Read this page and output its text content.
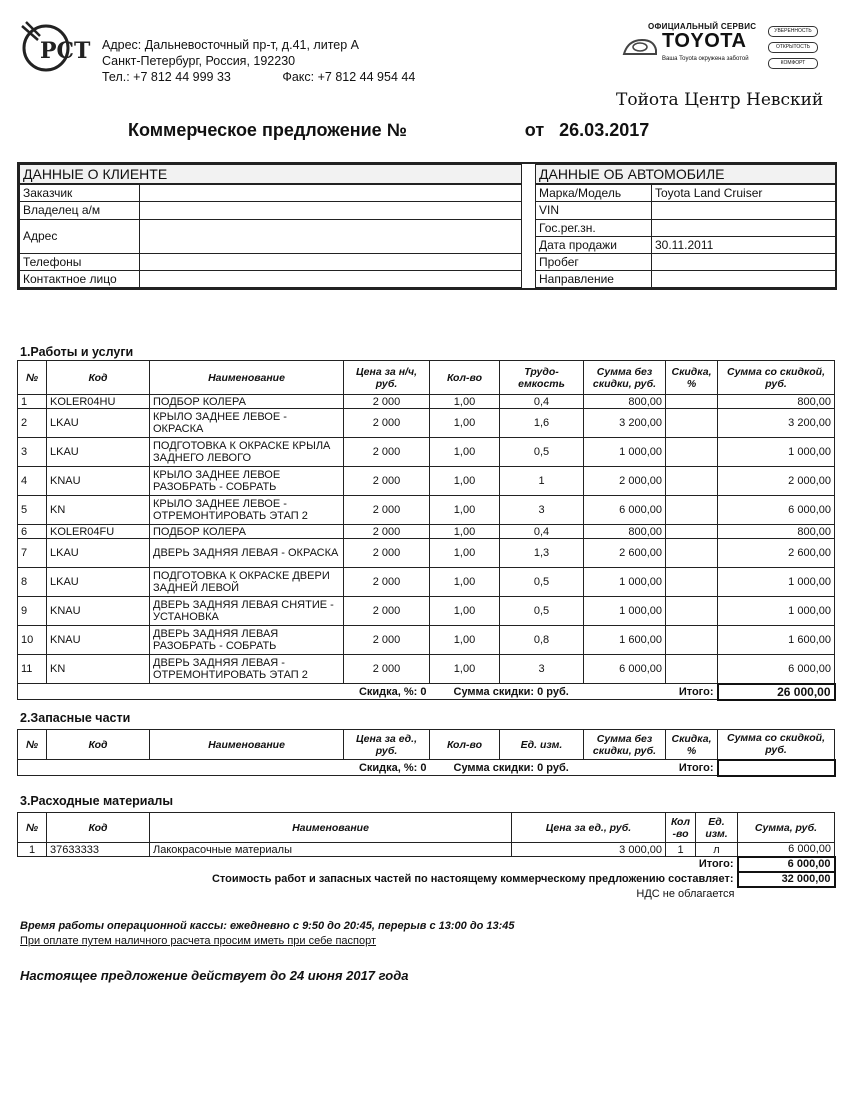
РСТ Адрес: Дальневосточный пр-т, д.41, литер А
Санкт-Петербург, Россия, 192230
Тел.: +7 812 44 999 33	Факс: +7 812 44 954 44
ОФИЦИАЛЬНЫЙ СЕРВИС
TOYOTA
Ваша Toyota окружена заботой
УВЕРЕННОСТЬ
ОТКРЫТОСТЬ
КОМФОРТ
Тойота Центр Невский
Коммерческое предложение №	от 26.03.2017
ДАННЫЕ О КЛИЕНТЕ			ДАННЫЕ ОБ АВТОМОБИЛЕ	
Заказчик			Марка/Модель	Toyota Land Cruiser
Владелец а/м			VIN	
Адрес			Гос.рег.зн.	
			Дата продажи	30.11.2011
Телефоны			Пробег	
Контактное лицо			Направление	
1.Работы и услуги
№	Код	Наименование	Цена за н/ч, руб.	Кол-во	Трудо-емкость	Сумма без скидки, руб.	Скидка, %	Сумма со скидкой, руб.
1	KOLER04HU	ПОДБОР КОЛЕРА	2 000	1,00	0,4	800,00		800,00
2	LKAU	КРЫЛО ЗАДНЕЕ ЛЕВОЕ - ОКРАСКА	2 000	1,00	1,6	3 200,00		3 200,00
3	LKAU	ПОДГОТОВКА К ОКРАСКЕ КРЫЛА ЗАДНЕГО ЛЕВОГО	2 000	1,00	0,5	1 000,00		1 000,00
4	KNAU	КРЫЛО ЗАДНЕЕ ЛЕВОЕ РАЗОБРАТЬ - СОБРАТЬ	2 000	1,00	1	2 000,00		2 000,00
5	KN	КРЫЛО ЗАДНЕЕ ЛЕВОЕ - ОТРЕМОНТИРОВАТЬ ЭТАП 2	2 000	1,00	3	6 000,00		6 000,00
6	KOLER04FU	ПОДБОР КОЛЕРА	2 000	1,00	0,4	800,00		800,00
7	LKAU	ДВЕРЬ ЗАДНЯЯ ЛЕВАЯ - ОКРАСКА	2 000	1,00	1,3	2 600,00		2 600,00
8	LKAU	ПОДГОТОВКА К ОКРАСКЕ ДВЕРИ ЗАДНЕЙ ЛЕВОЙ	2 000	1,00	0,5	1 000,00		1 000,00
9	KNAU	ДВЕРЬ ЗАДНЯЯ ЛЕВАЯ СНЯТИЕ - УСТАНОВКА	2 000	1,00	0,5	1 000,00		1 000,00
10	KNAU	ДВЕРЬ ЗАДНЯЯ ЛЕВАЯ РАЗОБРАТЬ - СОБРАТЬ	2 000	1,00	0,8	1 600,00		1 600,00
11	KN	ДВЕРЬ ЗАДНЯЯ ЛЕВАЯ - ОТРЕМОНТИРОВАТЬ ЭТАП 2	2 000	1,00	3	6 000,00		6 000,00
Скидка, %: 0				Сумма скидки: 0 руб.		Итого:		26 000,00
2.Запасные части
№	Код	Наименование	Цена за ед., руб.	Кол-во	Ед. изм.	Сумма без скидки, руб.	Скидка, %	Сумма со скидкой, руб.
Скидка, %: 0				Сумма скидки: 0 руб.		Итого:		
3.Расходные материалы
№	Код	Наименование	Цена за ед., руб.	Кол -во	Ед. изм.	Сумма, руб.
1	37633333	Лакокрасочные материалы	3 000,00	1	л	6 000,00
Итого:						6 000,00
Стоимость работ и запасных частей по настоящему коммерческому предложению составляет:						32 000,00
НДС не облагается						
Время работы операционной кассы: ежедневно с 9:50 до 20:45, перерыв с 13:00 до 13:45
При оплате путем наличного расчета просим иметь при себе паспорт
Настоящее предложение действует до 24 июня 2017 года
